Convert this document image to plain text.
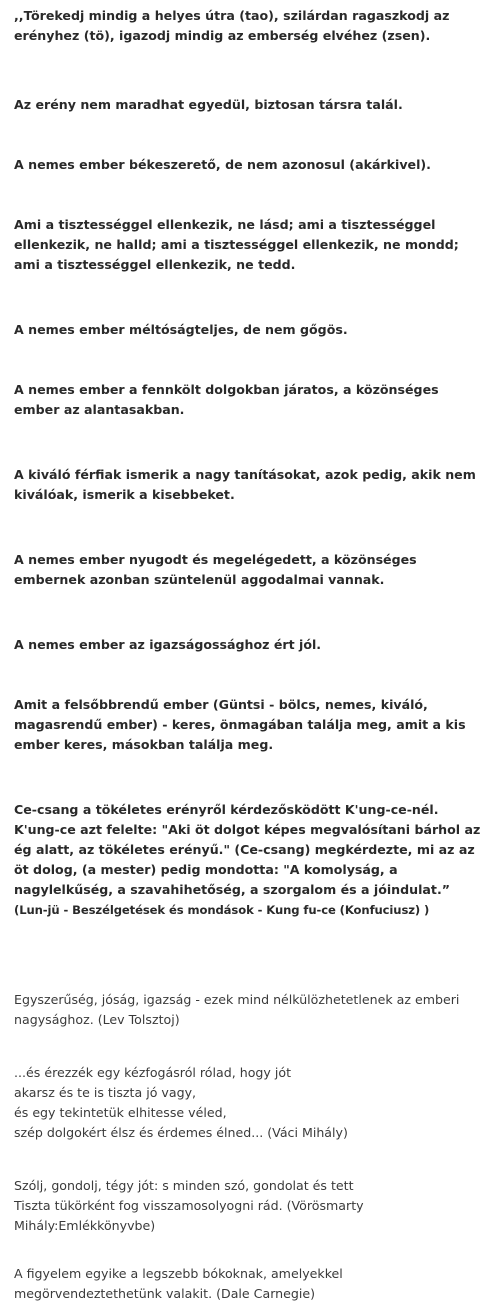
,,Törekedj mindig a helyes útra (tao), szilárdan ragaszkodj az erényhez (tö), igazodj mindig az emberség elvéhez (zsen).

Az erény nem maradhat egyedül, biztosan társra talál.

A nemes ember békeszerető, de nem azonosul (akárkivel).

Ami a tisztességgel ellenkezik, ne lásd; ami a tisztességgel ellenkezik, ne halld; ami a tisztességgel ellenkezik, ne mondd; ami a tisztességgel ellenkezik, ne tedd.

A nemes ember méltóságteljes, de nem gőgös.

A nemes ember a fennkölt dolgokban járatos, a közönséges ember az alantasakban.

A kiváló férfiak ismerik a nagy tanításokat, azok pedig, akik nem kiválóak, ismerik a kisebbeket.

A nemes ember nyugodt és megelégedett, a közönséges embernek azonban szüntelenül aggodalmai vannak.

A nemes ember az igazságossághoz ért jól.

Amit a felsőbbrendű ember (Güntsi - bölcs, nemes, kiváló, magasrendű ember) - keres, önmagában találja meg, amit a kis ember keres, másokban találja meg.

Ce-csang a tökéletes erényről kérdezősködött K'ung-ce-nél. K'ung-ce azt felelte: "Aki öt dolgot képes megvalósítani bárhol az ég alatt, az tökéletes erényű." (Ce-csang) megkérdezte, mi az az öt dolog, (a mester) pedig mondotta: "A komolyság, a nagylelkűség, a szavahihetőség, a szorgalom és a jóindulat.” (Lun-jü - Beszélgetések és mondások - Kung fu-ce (Konfuciusz) )

Egyszerűség, jóság, igazság - ezek mind nélkülözhetetlenek az emberi nagysághoz. (Lev Tolsztoj)

...és érezzék egy kézfogásról rólad, hogy jót
akarsz és te is tiszta jó vagy,
és egy tekintetük elhitesse véled,
szép dolgokért élsz és érdemes élned... (Váci Mihály)

Szólj, gondolj, tégy jót: s minden szó, gondolat és tett
Tiszta tükörként fog visszamosolyogni rád. (Vörösmarty
Mihály:Emlékkönyvbe)

A figyelem egyike a legszebb bókoknak, amelyekkel
megörvendeztethetünk valakit. (Dale Carnegie)
